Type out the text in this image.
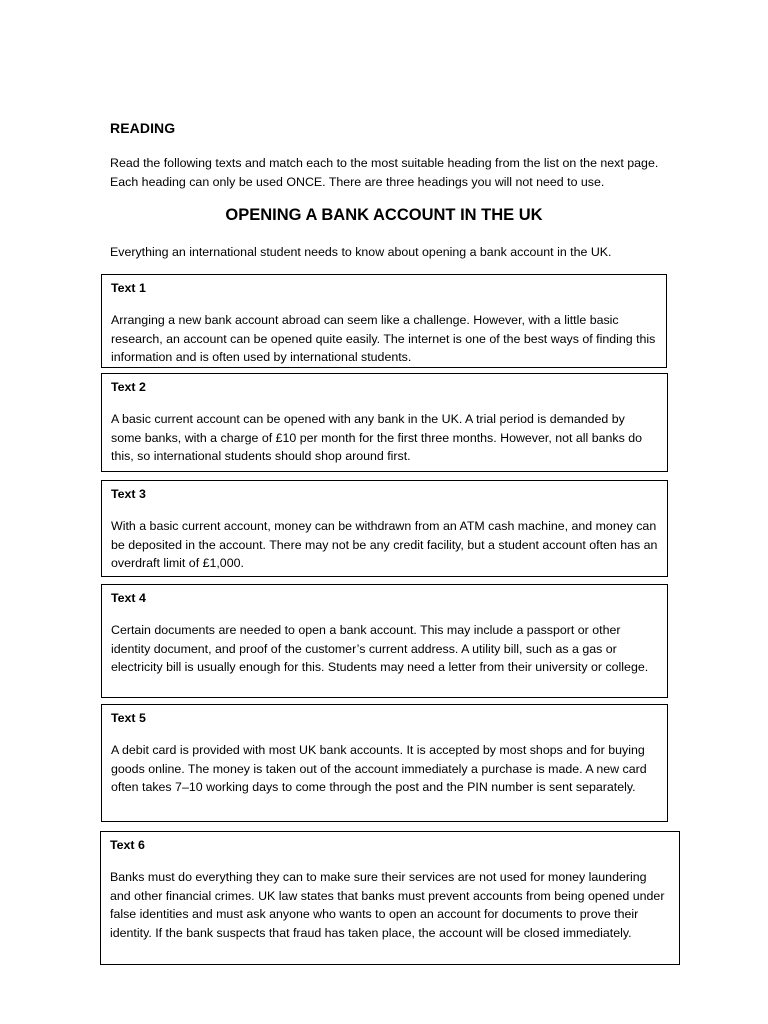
READING

Read the following texts and match each to the most suitable heading from the list on the next page. Each heading can only be used ONCE. There are three headings you will not need to use.

OPENING A BANK ACCOUNT IN THE UK

Everything an international student needs to know about opening a bank account in the UK.

Text 1

Arranging a new bank account abroad can seem like a challenge. However, with a little basic research, an account can be opened quite easily. The internet is one of the best ways of finding this information and is often used by international students.

Text 2

A basic current account can be opened with any bank in the UK. A trial period is demanded by some banks, with a charge of £10 per month for the first three months. However, not all banks do this, so international students should shop around first.

Text 3

With a basic current account, money can be withdrawn from an ATM cash machine, and money can be deposited in the account. There may not be any credit facility, but a student account often has an overdraft limit of £1,000.

Text 4

Certain documents are needed to open a bank account. This may include a passport or other identity document, and proof of the customer’s current address. A utility bill, such as a gas or electricity bill is usually enough for this. Students may need a letter from their university or college.

Text 5

A debit card is provided with most UK bank accounts. It is accepted by most shops and for buying goods online. The money is taken out of the account immediately a purchase is made. A new card often takes 7–10 working days to come through the post and the PIN number is sent separately.

Text 6

Banks must do everything they can to make sure their services are not used for money laundering and other financial crimes. UK law states that banks must prevent accounts from being opened under false identities and must ask anyone who wants to open an account for documents to prove their identity. If the bank suspects that fraud has taken place, the account will be closed immediately.
